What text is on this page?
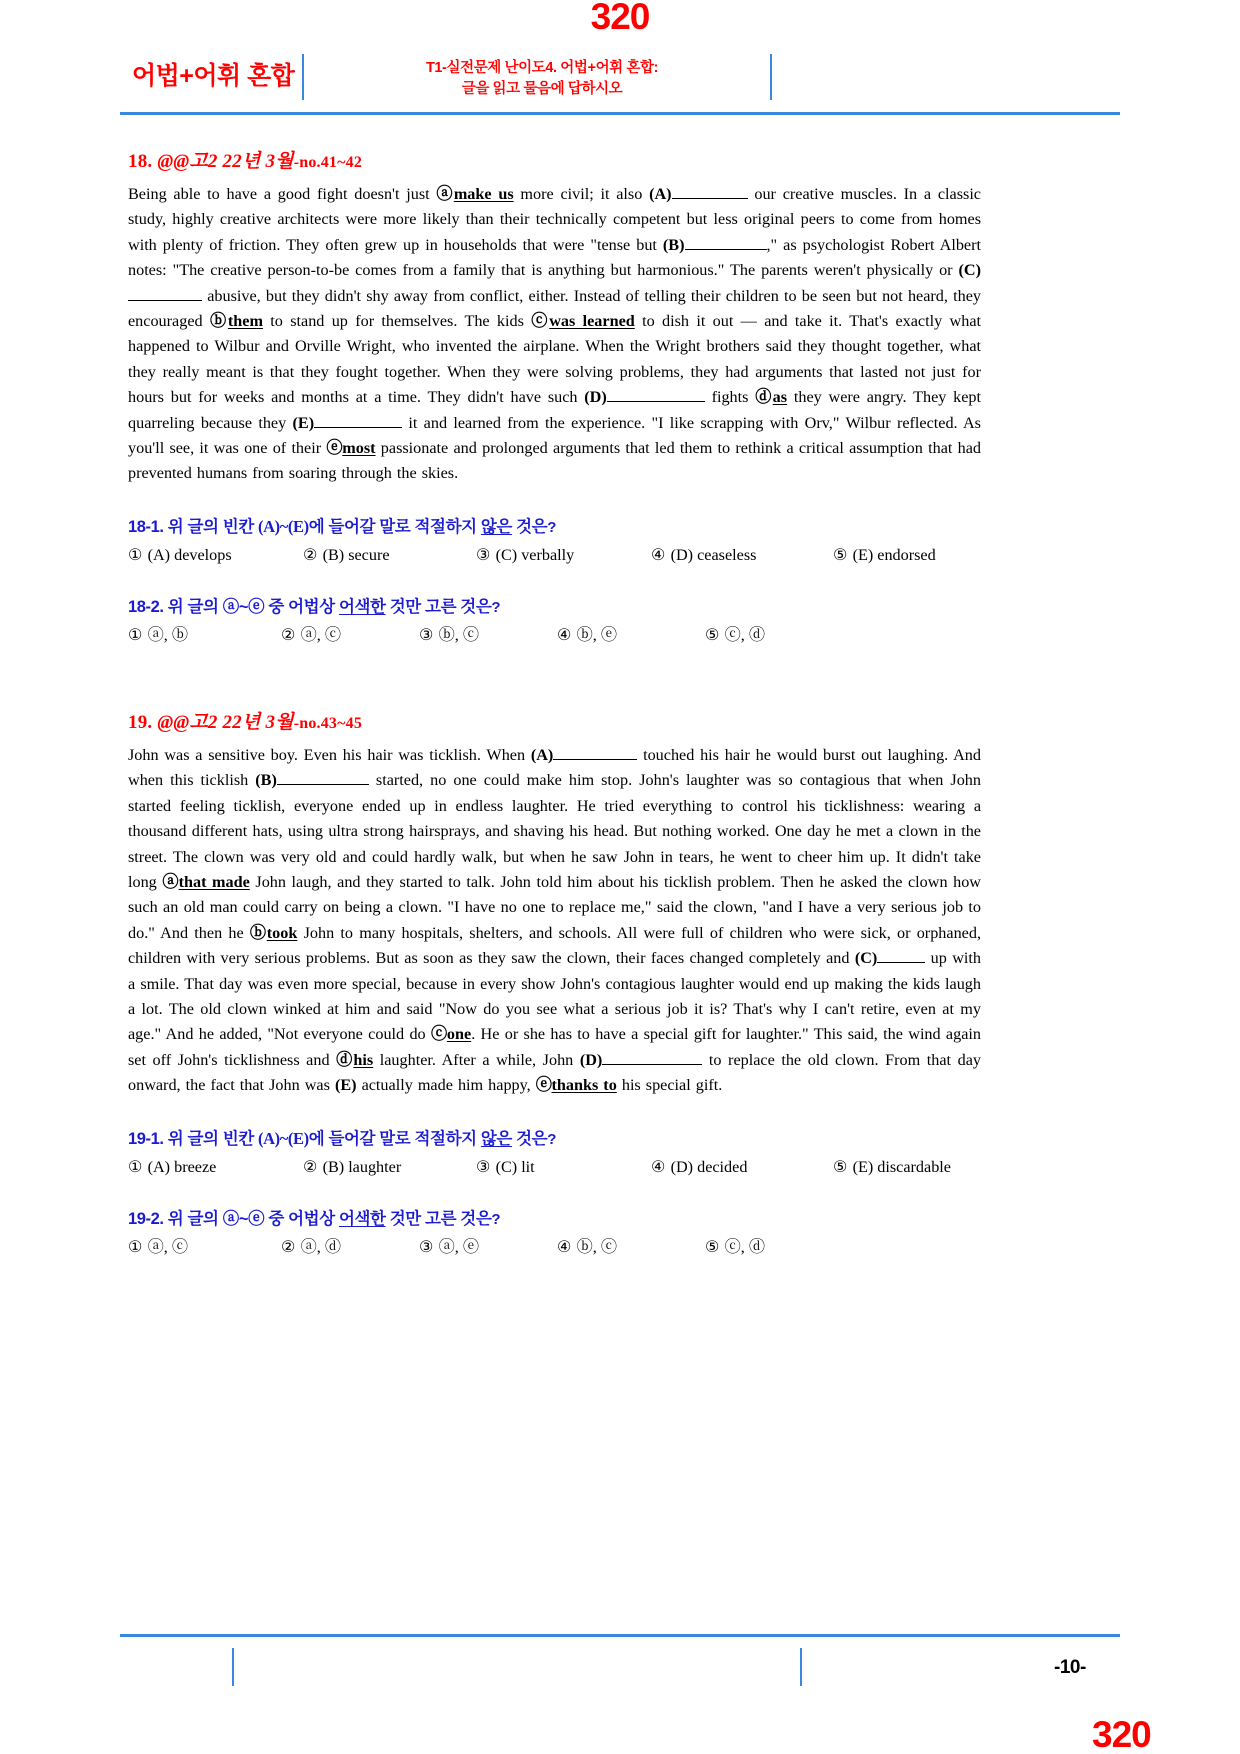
320
어법+어휘 혼합	T1-실전문제 난이도4. 어법+어휘 혼합:
글을 읽고 물음에 답하시오
18. @@고2 22년 3월-no.41~42

Being able to have a good fight doesn't just ⓐmake us more civil; it also (A)	our creative muscles. In a classic study, highly creative architects were more likely than their technically competent but less original peers to come from homes with plenty of friction. They often grew up in households that were "tense but (B)	," as psychologist Robert Albert notes: "The creative person-to-be comes from a family that is anything but harmonious." The parents weren't physically or (C) abusive, but they didn't shy away from conflict, either. Instead of telling their children to be seen but not heard, they encouraged ⓑthem to stand up for themselves. The kids ⓒwas learned to dish it out — and take it. That's exactly what happened to Wilbur and Orville Wright, who invented the airplane. When the Wright brothers said they thought together, what they really meant is that they fought together. When they were solving problems, they had arguments that lasted not just for hours but for weeks and months at a time. They didn't have such (D)	fights ⓓas they were angry. They kept quarreling because they (E)	it and learned from the experience. "I like scrapping with Orv," Wilbur reflected. As you'll see, it was one of their ⓔmost passionate and prolonged arguments that led them to rethink a critical assumption that had prevented humans from soaring through the skies.

18-1. 위 글의 빈칸 (A)~(E)에 들어갈 말로 적절하지 않은 것은?
① (A) develops	② (B) secure	③ (C) verbally	④ (D) ceaseless	⑤ (E) endorsed
18-2. 위 글의 ⓐ~ⓔ 중 어법상 어색한 것만 고른 것은?
① ⓐ, ⓑ	② ⓐ, ⓒ	③ ⓑ, ⓒ	④ ⓑ, ⓔ	⑤ ⓒ, ⓓ
19. @@고2 22년 3월-no.43~45

John was a sensitive boy. Even his hair was ticklish. When (A)	touched his hair he would burst out laughing. And when this ticklish (B)	started, no one could make him stop. John's laughter was so contagious that when John started feeling ticklish, everyone ended up in endless laughter. He tried everything to control his ticklishness: wearing a thousand different hats, using ultra strong hairsprays, and shaving his head. But nothing worked. One day he met a clown in the street. The clown was very old and could hardly walk, but when he saw John in tears, he went to cheer him up. It didn't take long ⓐthat made John laugh, and they started to talk. John told him about his ticklish problem. Then he asked the clown how such an old man could carry on being a clown. "I have no one to replace me," said the clown, "and I have a very serious job to do." And then he ⓑtook John to many hospitals, shelters, and schools. All were full of children who were sick, or orphaned, children with very serious problems. But as soon as they saw the clown, their faces changed completely and (C)	up with a smile. That day was even more special, because in every show John's contagious laughter would end up making the kids laugh a lot. The old clown winked at him and said "Now do you see what a serious job it is? That's why I can't retire, even at my age." And he added, "Not everyone could do ⓒone. He or she has to have a special gift for laughter." This said, the wind again set off John's ticklishness and ⓓhis laughter. After a while, John (D)	to replace the old clown. From that day onward, the fact that John was (E) actually made him happy, ⓔthanks to his special gift.

19-1. 위 글의 빈칸 (A)~(E)에 들어갈 말로 적절하지 않은 것은?
① (A) breeze	② (B) laughter	③ (C) lit	④ (D) decided	⑤ (E) discardable
19-2. 위 글의 ⓐ~ⓔ 중 어법상 어색한 것만 고른 것은?
① ⓐ, ⓒ	② ⓐ, ⓓ	③ ⓐ, ⓔ	④ ⓑ, ⓒ	⑤ ⓒ, ⓓ
-10-
320
